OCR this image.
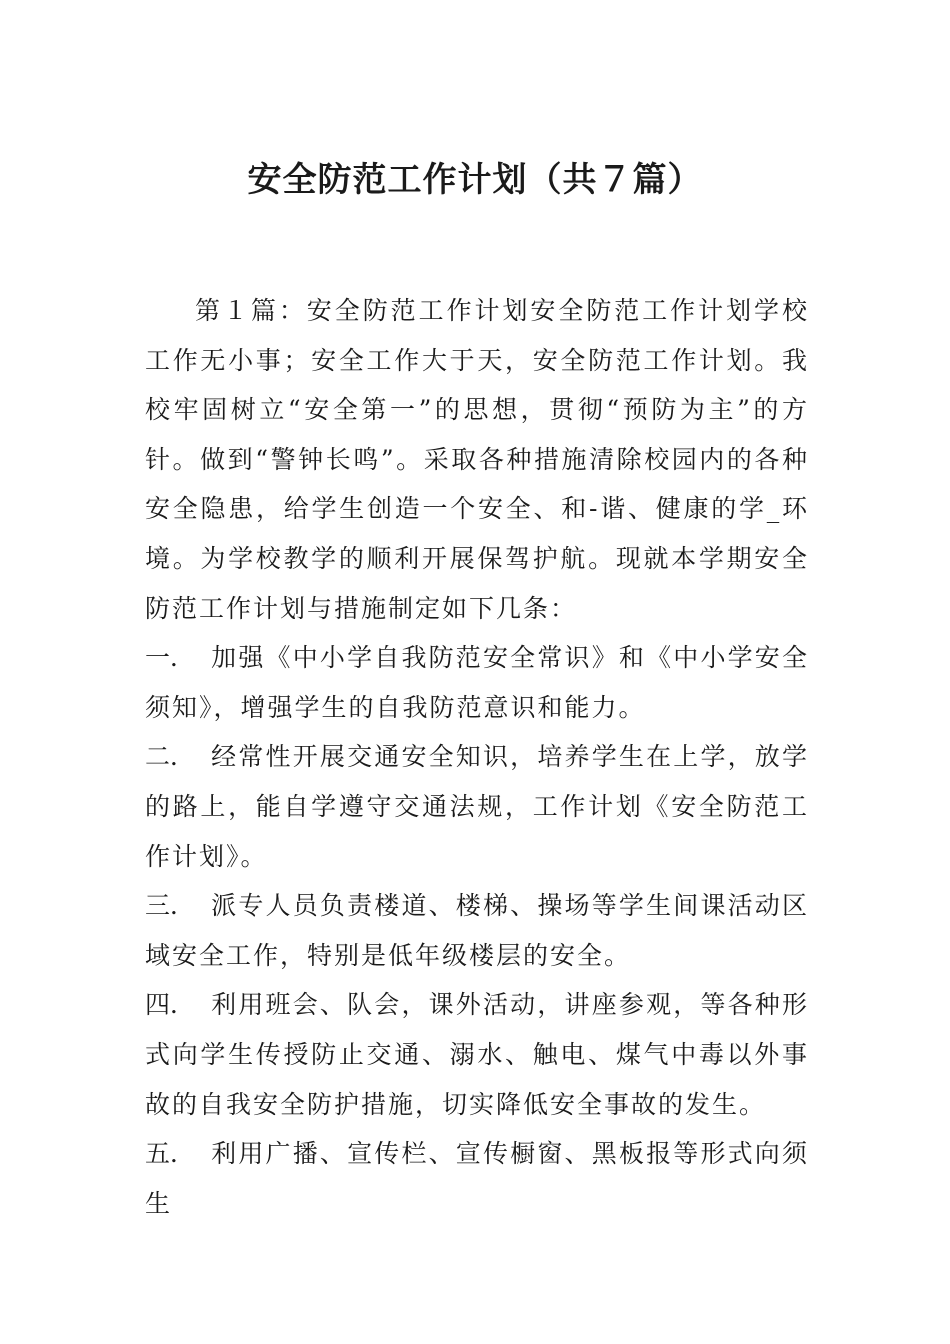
安全防范工作计划（共７篇）

第１篇：安全防范工作计划安全防范工作计划学校工作无小事；安全工作大于天，安全防范工作计划。我校牢固树立“安全第一”的思想，贯彻“预防为主”的方针。做到“警钟长鸣”。采取各种措施清除校园内的各种安全隐患，给学生创造一个安全、和-谐、健康的学_环境。为学校教学的顺利开展保驾护航。现就本学期安全防范工作计划与措施制定如下几条：

一． 加强《中小学自我防范安全常识》和《中小学安全须知》，增强学生的自我防范意识和能力。

二． 经常性开展交通安全知识，培养学生在上学，放学的路上，能自学遵守交通法规，工作计划《安全防范工作计划》。

三． 派专人员负责楼道、楼梯、操场等学生间课活动区域安全工作，特别是低年级楼层的安全。

四． 利用班会、队会，课外活动，讲座参观，等各种形式向学生传授防止交通、溺水、触电、煤气中毒以外事故的自我安全防护措施，切实降低安全事故的发生。

五． 利用广播、宣传栏、宣传橱窗、黑板报等形式向须生
